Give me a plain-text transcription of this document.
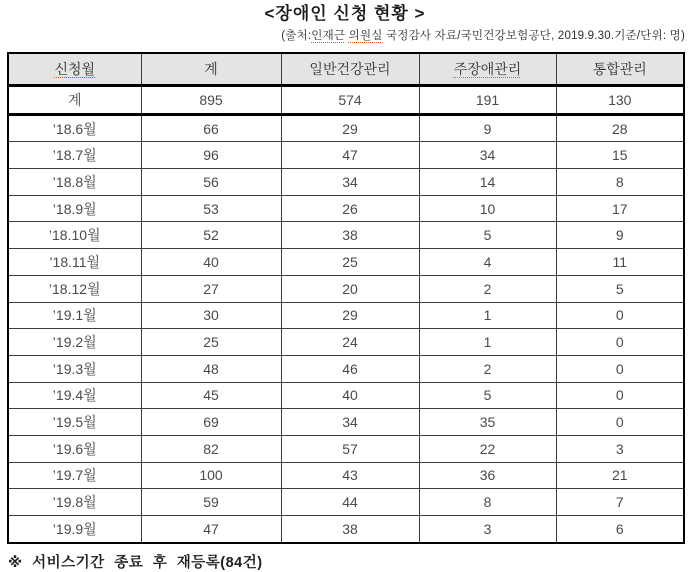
<장애인 신청 현황 >
(출처:인재근 의원실 국정감사 자료/국민건강보험공단, 2019.9.30.기준/단위: 명)
신청월	계	일반건강관리	주장애관리	통합관리
계	895	574	191	130
’18.6월	66	29	9	28
’18.7월	96	47	34	15
’18.8월	56	34	14	8
’18.9월	53	26	10	17
’18.10월	52	38	5	9
’18.11월	40	25	4	11
’18.12월	27	20	2	5
’19.1월	30	29	1	0
’19.2월	25	24	1	0
’19.3월	48	46	2	0
’19.4월	45	40	5	0
’19.5월	69	34	35	0
’19.6월	82	57	22	3
’19.7월	100	43	36	21
’19.8월	59	44	8	7
’19.9월	47	38	3	6
※ 서비스기간 종료 후 재등록(84건)
